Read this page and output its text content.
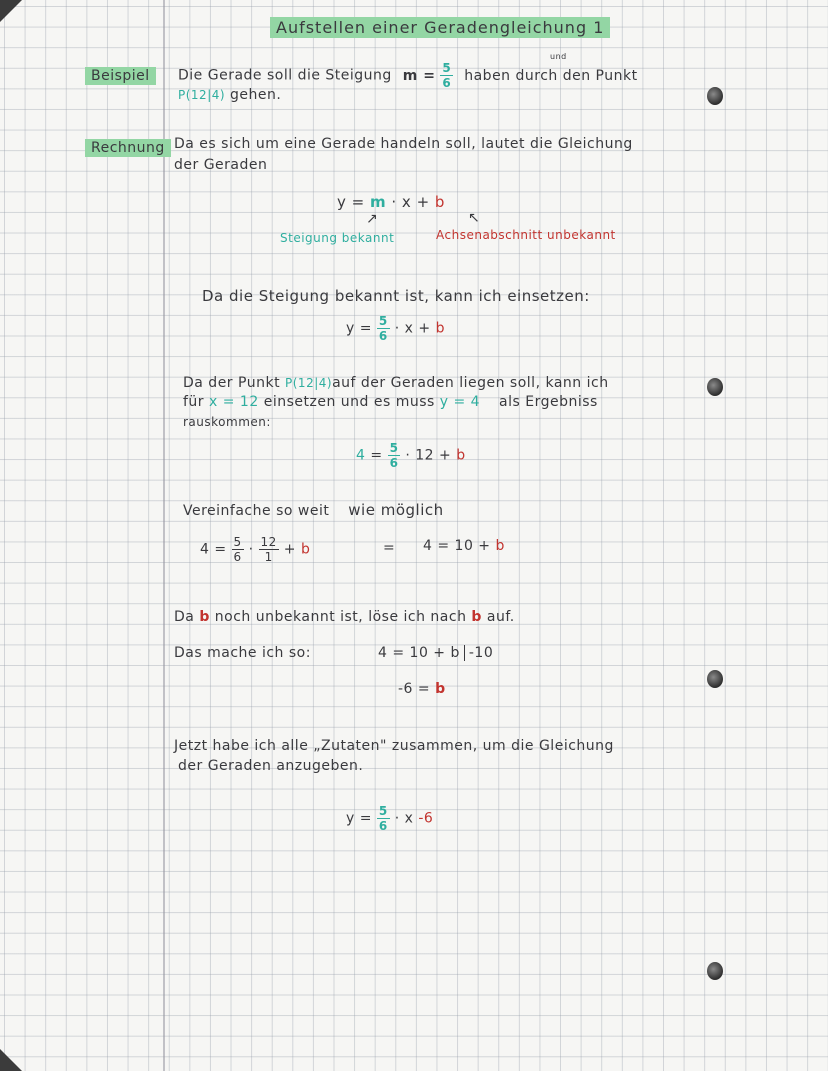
Aufstellen einer Geradengleichung 1
Beispiel	Die Gerade soll die Steigung $m = \frac{5}{6}$ haben durch den Punkt
und
P(12|4) gehen.
Rechnung Da es sich um eine Gerade handeln soll, lautet die Gleichung
der Geraden
y = m · x + b
↗	↖
Steigung bekannt	Achsenabschnitt unbekannt
Da die Steigung bekannt ist, kann ich einsetzen:
$y = \frac{5}{6} \cdot x + b$
Da der Punkt P(12|4)auf der Geraden liegen soll, kann ich
für x = 12 einsetzen und es muss y = 4 als Ergebniss
rauskommen:
$4 = \frac{5}{6} \cdot 12 + b$
Vereinfache so weit wie möglich
$4 = \frac{5}{6} \cdot \frac{12}{1} + b$	= 4 = 10 + b
Da b noch unbekannt ist, löse ich nach b auf.
Das mache ich so:	4 = 10 + b -10
-6 = b
Jetzt habe ich alle „Zutaten" zusammen, um die Gleichung
der Geraden anzugeben.
$y = \frac{5}{6} \cdot x$ -6
